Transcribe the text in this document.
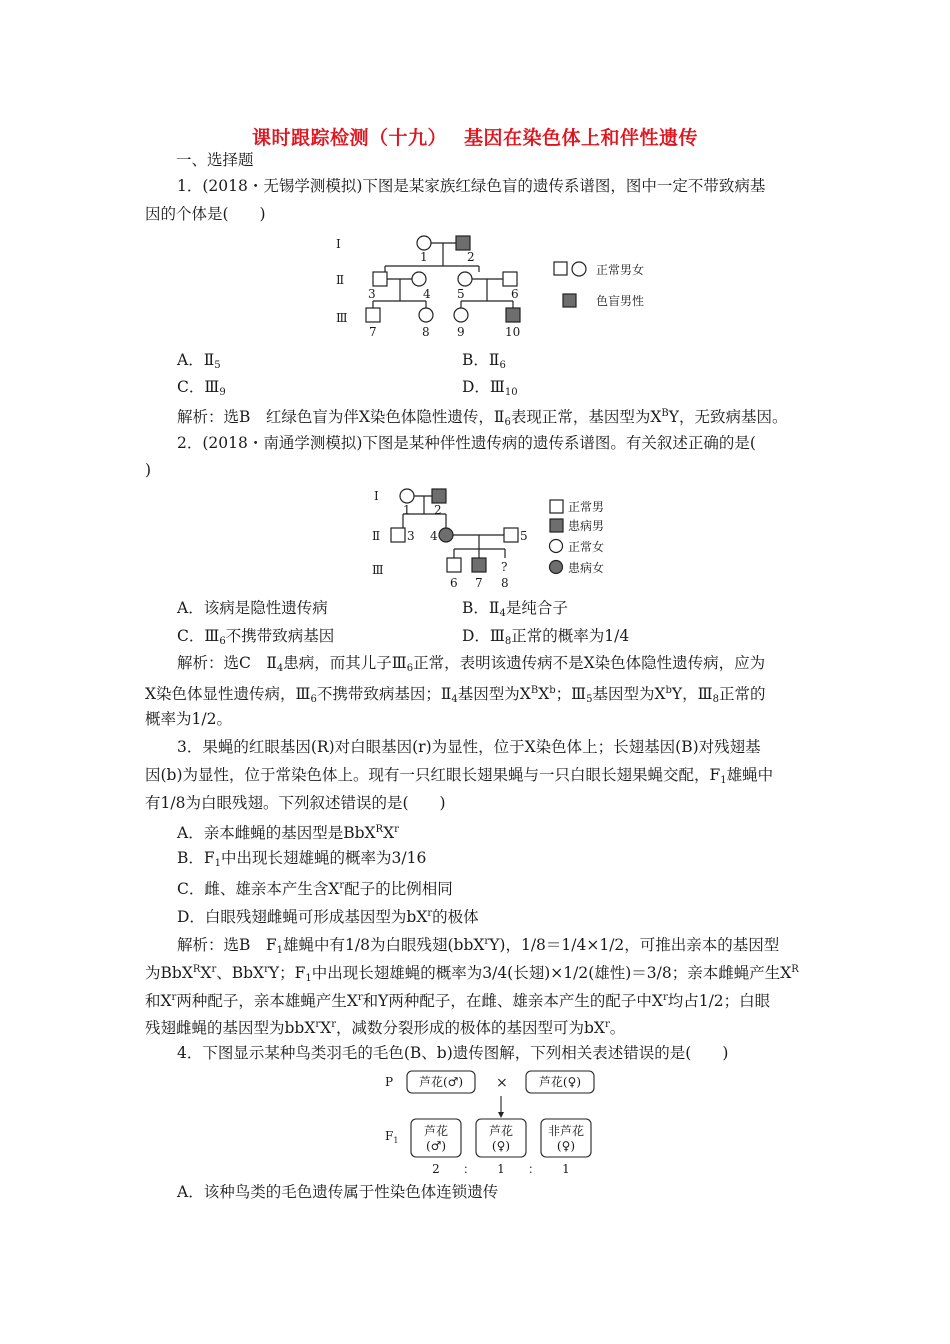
课时跟踪检测（十九）　 基因在染色体上和伴性遗传
一、选择题
1．(2018・无锡学测模拟)下图是某家族红绿色盲的遗传系谱图，图中一定不带致病基
因的个体是(　　)
Ⅰ
Ⅱ
Ⅲ
1	2
3	4 5	6
7	8 9	10
正常男女
色盲男性
A．$Ⅱ_5$	B．$Ⅱ_6$
C．$Ⅲ_9$	D．$Ⅲ_{10}$
解析：选B　红绿色盲为伴X染色体隐性遗传，$Ⅱ_6$表现正常，基因型为$X^BY$，无致病基因。
2．(2018・南通学测模拟)下图是某种伴性遗传病的遗传系谱图。有关叙述正确的是(
)
Ⅰ
Ⅱ
Ⅲ
1 2
3 4	5
6 7
?
8
正常男
患病男
正常女
患病女
A．该病是隐性遗传病	B．$Ⅱ_4$是纯合子
C．$Ⅲ_6$不携带致病基因	D．$Ⅲ_8$正常的概率为1/4
解析：选C　$Ⅱ_4$患病，而其儿子$Ⅲ_6$正常，表明该遗传病不是X染色体隐性遗传病，应为
X染色体显性遗传病，$Ⅲ_6$不携带致病基因；$Ⅱ_4$基因型为$X^BX^b$；$Ⅲ_5$基因型为$X^bY$，$Ⅲ_8$正常的
概率为1/2。
3．果蝇的红眼基因(R)对白眼基因(r)为显性，位于X染色体上；长翅基因(B)对残翅基
因(b)为显性，位于常染色体上。现有一只红眼长翅果蝇与一只白眼长翅果蝇交配，$F_1$雄蝇中
有1/8为白眼残翅。下列叙述错误的是(　　)
A．亲本雌蝇的基因型是$BbX^RX^r$
B．$F_1$中出现长翅雄蝇的概率为3/16
C．雌、雄亲本产生含$X^r$配子的比例相同
D．白眼残翅雌蝇可形成基因型为$bX^r$的极体
解析：选B　$F_1$雄蝇中有1/8为白眼残翅(bbX$^r$Y)，1/8＝1/4×1/2，可推出亲本的基因型
为$BbX^RX^r$、BbX$^r$Y；$F_1$中出现长翅雄蝇的概率为3/4(长翅)×1/2(雄性)＝3/8；亲本雌蝇产生$X^R$
和$X^r$两种配子，亲本雄蝇产生$X^r$和Y两种配子，在雌、雄亲本产生的配子中$X^r$均占1/2；白眼
残翅雌蝇的基因型为$bbX^rX^r$，减数分裂形成的极体的基因型可为$bX^r$。
4．下图显示某种鸟类羽毛的毛色(B、b)遗传图解，下列相关表述错误的是(　　)
P
$F_1$
×
芦花(♂)	芦花(♀)
芦花
(♂)
芦花
(♀)
非芦花
(♀)
2 ： 1 ： 1
A．该种鸟类的毛色遗传属于性染色体连锁遗传
